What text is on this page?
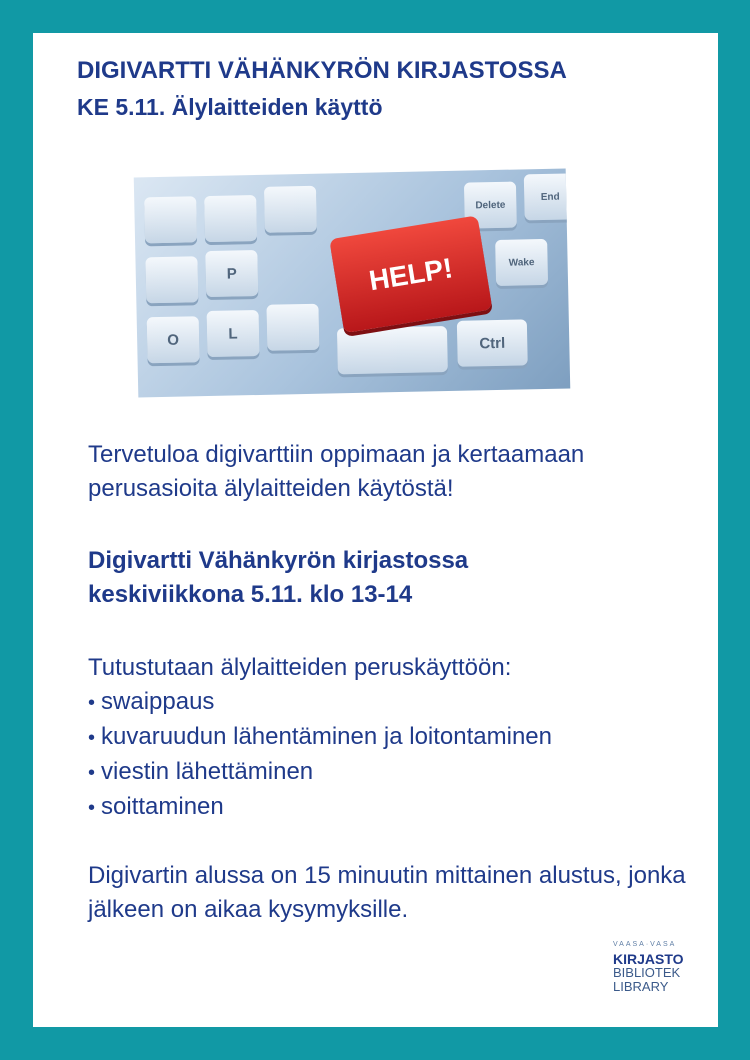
DIGIVARTTI VÄHÄNKYRÖN KIRJASTOSSA
KE 5.11. Älylaitteiden käyttö
P
O	L
Delete
End
Wake
Ctrl
HELP!

Tervetuloa digivarttiin oppimaan ja kertaamaan perusasioita älylaitteiden käytöstä!

Digivartti Vähänkyrön kirjastossa
keskiviikkona 5.11. klo 13-14

Tutustutaan älylaitteiden peruskäyttöön:

• swaippaus
• kuvaruudun lähentäminen ja loitontaminen
• viestin lähettäminen
• soittaminen

Digivartin alussa on 15 minuutin mittainen alustus, jonka jälkeen on aikaa kysymyksille.

VAASA·VASA
KIRJASTO
BIBLIOTEK
LIBRARY
